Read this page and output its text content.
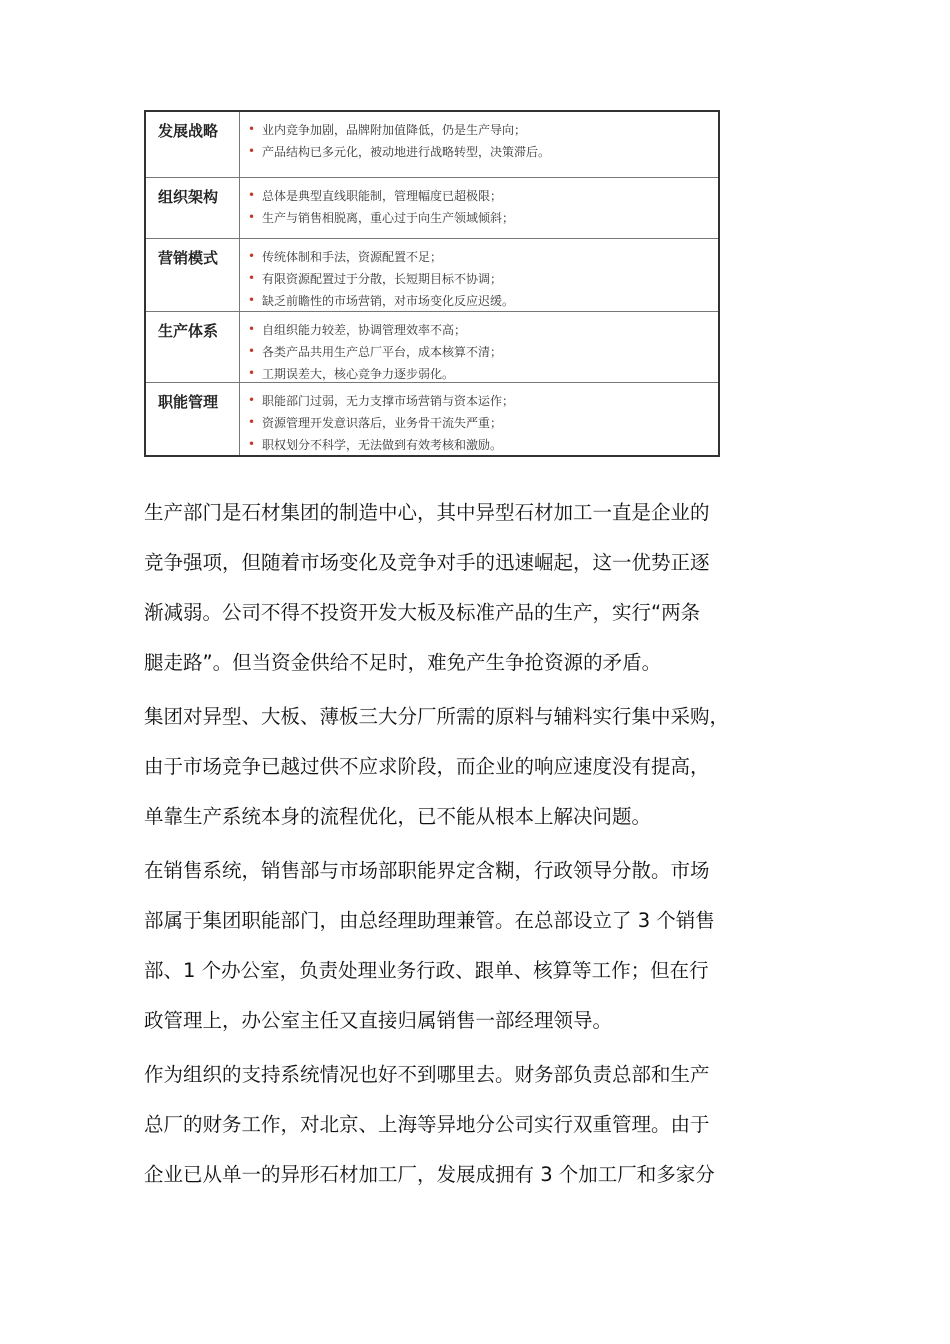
发展战略	• 业内竞争加剧，品牌附加值降低，仍是生产导向；
• 产品结构已多元化，被动地进行战略转型，决策滞后。
组织架构	• 总体是典型直线职能制，管理幅度已超极限；
• 生产与销售相脱离，重心过于向生产领域倾斜；
营销模式	• 传统体制和手法，资源配置不足；
• 有限资源配置过于分散，长短期目标不协调；
• 缺乏前瞻性的市场营销，对市场变化反应迟缓。
生产体系	• 自组织能力较差，协调管理效率不高；
• 各类产品共用生产总厂平台，成本核算不清；
• 工期误差大，核心竞争力逐步弱化。
职能管理	• 职能部门过弱，无力支撑市场营销与资本运作；
• 资源管理开发意识落后，业务骨干流失严重；
• 职权划分不科学，无法做到有效考核和激励。

生产部门是石材集团的制造中心，其中异型石材加工一直是企业的
竞争强项，但随着市场变化及竞争对手的迅速崛起，这一优势正逐
渐减弱。公司不得不投资开发大板及标准产品的生产，实行“两条
腿走路”。但当资金供给不足时，难免产生争抢资源的矛盾。

集团对异型、大板、薄板三大分厂所需的原料与辅料实行集中采购，
由于市场竞争已越过供不应求阶段，而企业的响应速度没有提高，
单靠生产系统本身的流程优化，已不能从根本上解决问题。

在销售系统，销售部与市场部职能界定含糊，行政领导分散。市场
部属于集团职能部门，由总经理助理兼管。在总部设立了 3 个销售
部、1 个办公室，负责处理业务行政、跟单、核算等工作；但在行
政管理上，办公室主任又直接归属销售一部经理领导。

作为组织的支持系统情况也好不到哪里去。财务部负责总部和生产
总厂的财务工作，对北京、上海等异地分公司实行双重管理。由于
企业已从单一的异形石材加工厂，发展成拥有 3 个加工厂和多家分
